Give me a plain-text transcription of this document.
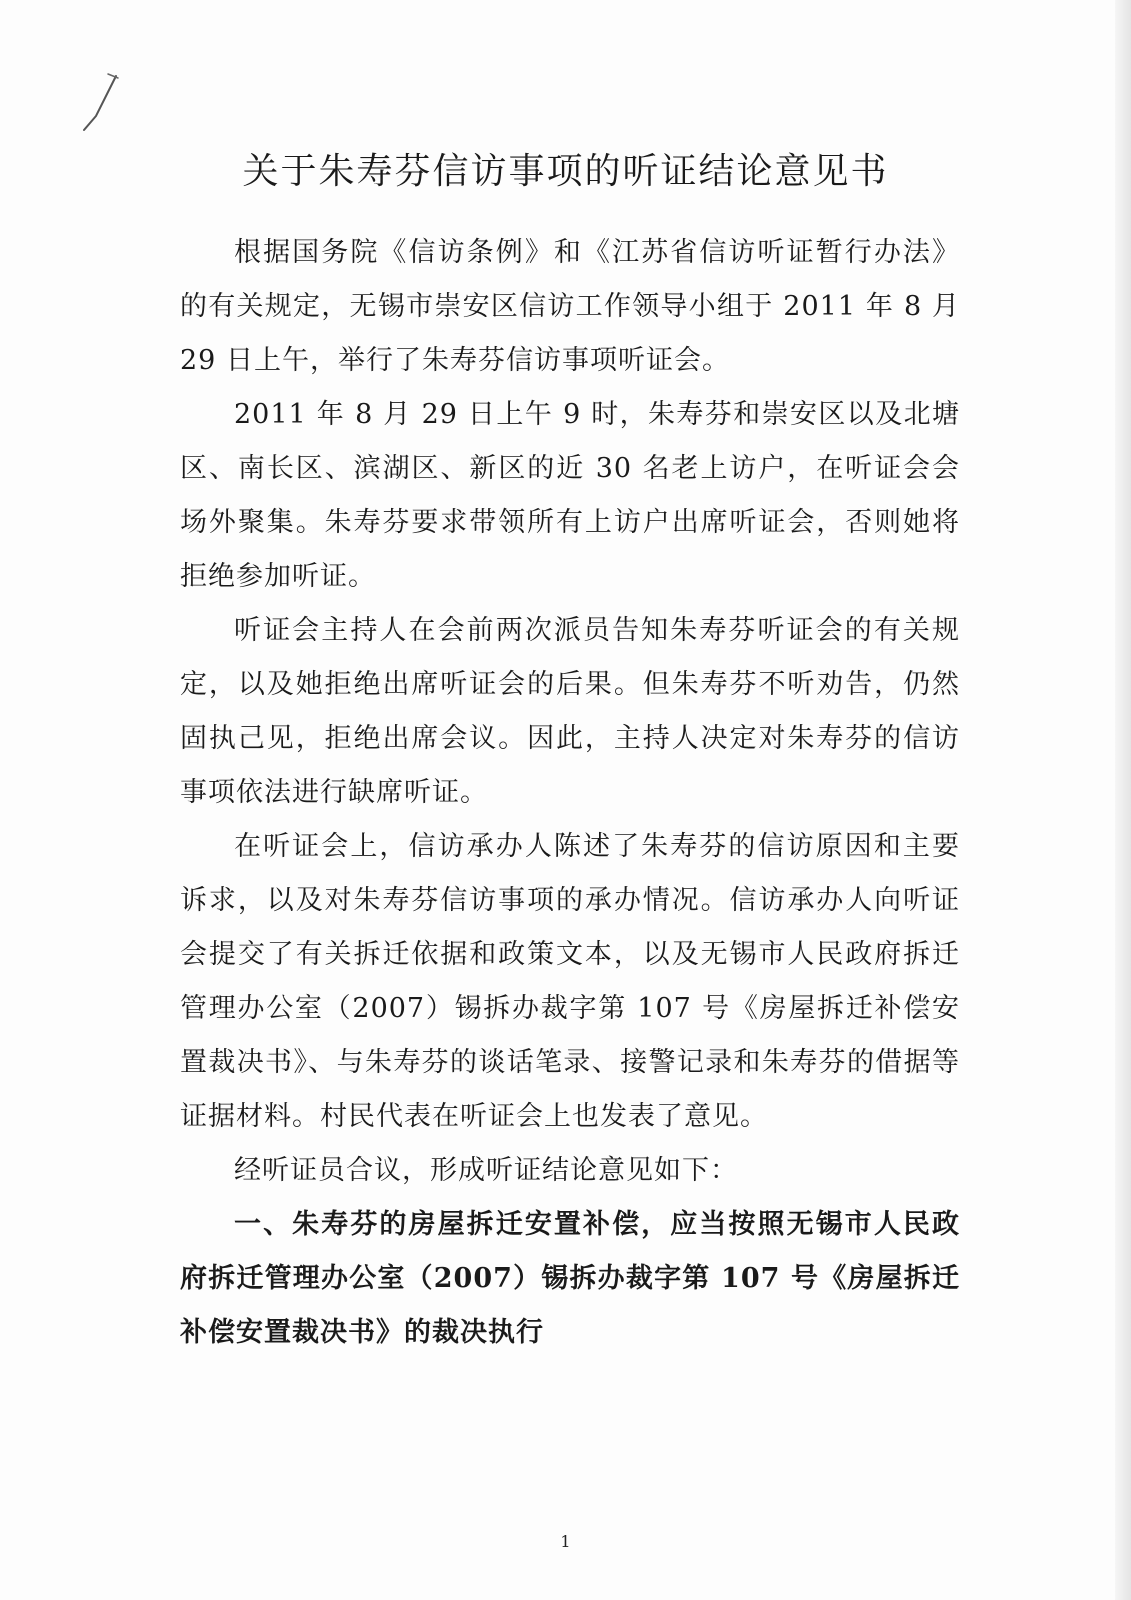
关于朱寿芬信访事项的听证结论意见书

根据国务院《信访条例》和《江苏省信访听证暂行办法》的有关规定，无锡市崇安区信访工作领导小组于 2011 年 8 月 29 日上午，举行了朱寿芬信访事项听证会。

2011 年 8 月 29 日上午 9 时，朱寿芬和崇安区以及北塘区、南长区、滨湖区、新区的近 30 名老上访户，在听证会会场外聚集。朱寿芬要求带领所有上访户出席听证会，否则她将拒绝参加听证。

听证会主持人在会前两次派员告知朱寿芬听证会的有关规定，以及她拒绝出席听证会的后果。但朱寿芬不听劝告，仍然固执己见，拒绝出席会议。因此，主持人决定对朱寿芬的信访事项依法进行缺席听证。

在听证会上，信访承办人陈述了朱寿芬的信访原因和主要诉求，以及对朱寿芬信访事项的承办情况。信访承办人向听证会提交了有关拆迁依据和政策文本，以及无锡市人民政府拆迁管理办公室（2007）锡拆办裁字第 107 号《房屋拆迁补偿安置裁决书》、与朱寿芬的谈话笔录、接警记录和朱寿芬的借据等证据材料。村民代表在听证会上也发表了意见。

经听证员合议，形成听证结论意见如下：

一、朱寿芬的房屋拆迁安置补偿，应当按照无锡市人民政府拆迁管理办公室（2007）锡拆办裁字第 107 号《房屋拆迁补偿安置裁决书》的裁决执行

1
